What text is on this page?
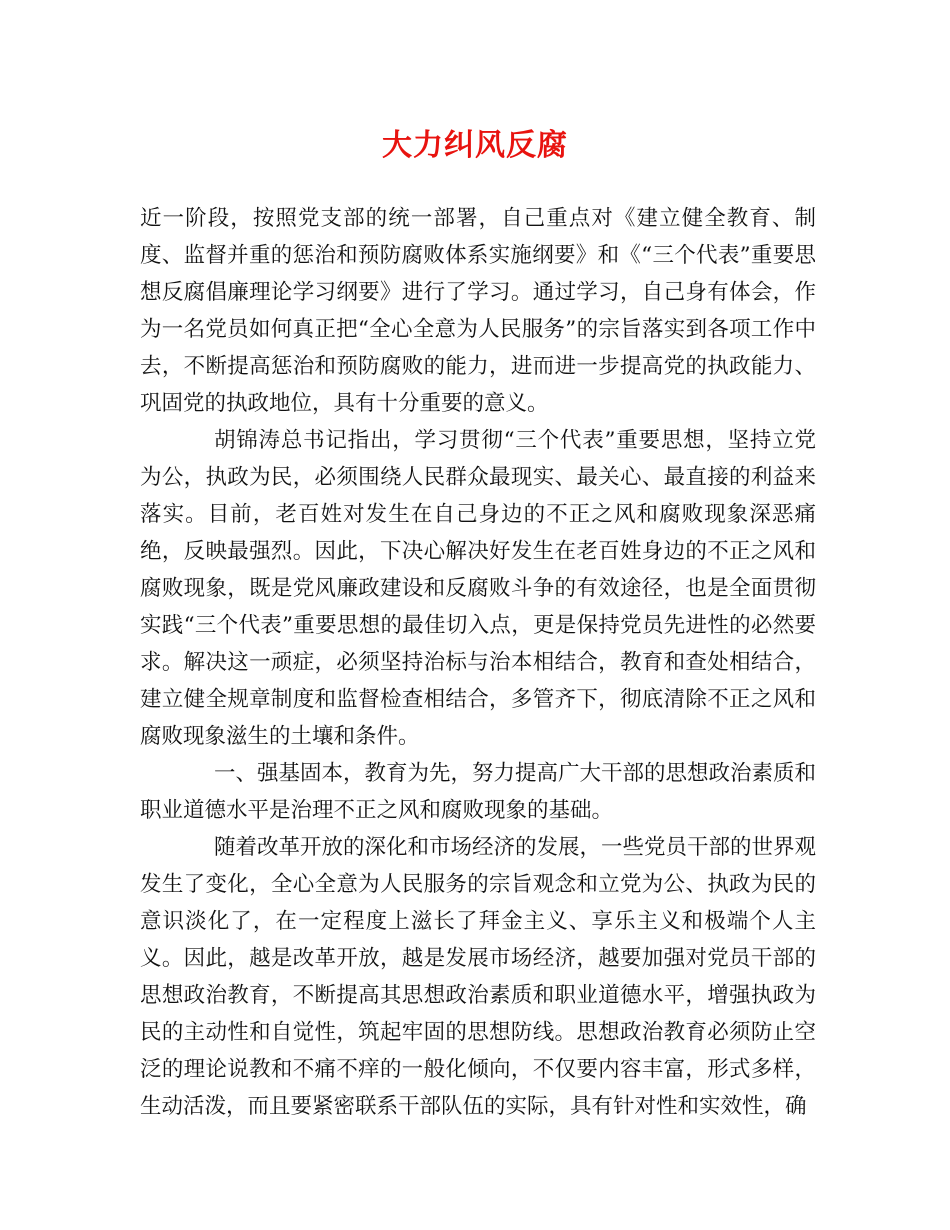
大力纠风反腐

近一阶段，按照党支部的统一部署，自己重点对《建立健全教育、制度、监督并重的惩治和预防腐败体系实施纲要》和《“三个代表”重要思想反腐倡廉理论学习纲要》进行了学习。通过学习，自己身有体会，作为一名党员如何真正把“全心全意为人民服务”的宗旨落实到各项工作中去，不断提高惩治和预防腐败的能力，进而进一步提高党的执政能力、巩固党的执政地位，具有十分重要的意义。

胡锦涛总书记指出，学习贯彻“三个代表”重要思想，坚持立党为公，执政为民，必须围绕人民群众最现实、最关心、最直接的利益来落实。目前，老百姓对发生在自己身边的不正之风和腐败现象深恶痛绝，反映最强烈。因此，下决心解决好发生在老百姓身边的不正之风和腐败现象，既是党风廉政建设和反腐败斗争的有效途径，也是全面贯彻实践“三个代表”重要思想的最佳切入点，更是保持党员先进性的必然要求。解决这一顽症，必须坚持治标与治本相结合，教育和查处相结合，建立健全规章制度和监督检查相结合，多管齐下，彻底清除不正之风和腐败现象滋生的土壤和条件。

一、强基固本，教育为先，努力提高广大干部的思想政治素质和职业道德水平是治理不正之风和腐败现象的基础。

随着改革开放的深化和市场经济的发展，一些党员干部的世界观发生了变化，全心全意为人民服务的宗旨观念和立党为公、执政为民的意识淡化了，在一定程度上滋长了拜金主义、享乐主义和极端个人主义。因此，越是改革开放，越是发展市场经济，越要加强对党员干部的思想政治教育，不断提高其思想政治素质和职业道德水平，增强执政为民的主动性和自觉性，筑起牢固的思想防线。思想政治教育必须防止空泛的理论说教和不痛不痒的一般化倾向，不仅要内容丰富，形式多样，生动活泼，而且要紧密联系干部队伍的实际，具有针对性和实效性，确
